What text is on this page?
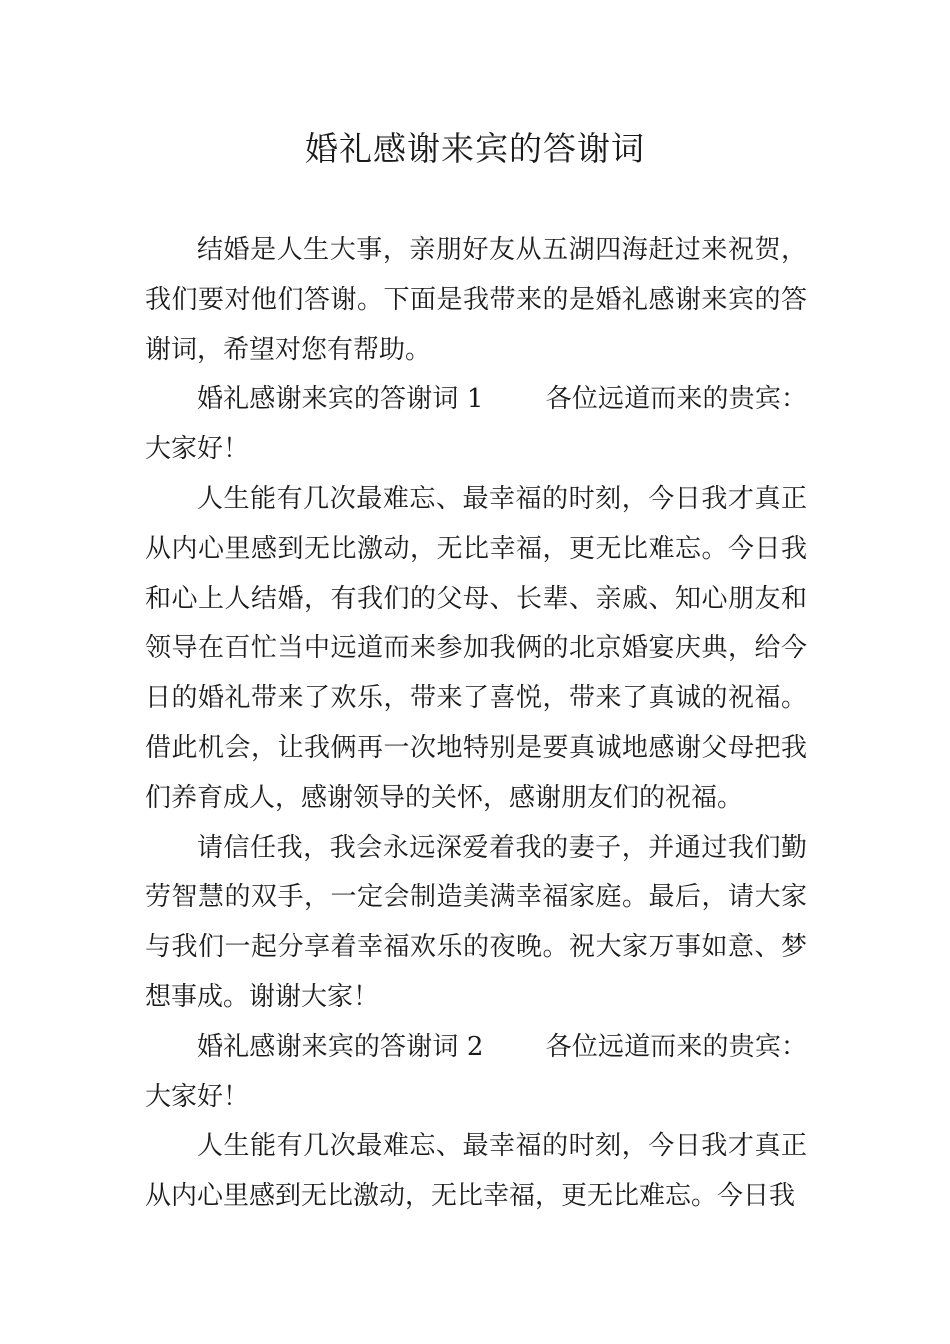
婚礼感谢来宾的答谢词

结婚是人生大事，亲朋好友从五湖四海赶过来祝贺，我们要对他们答谢。下面是我带来的是婚礼感谢来宾的答谢词，希望对您有帮助。

婚礼感谢来宾的答谢词 1 各位远道而来的贵宾：大家好！

人生能有几次最难忘、最幸福的时刻，今日我才真正从内心里感到无比激动，无比幸福，更无比难忘。今日我和心上人结婚，有我们的父母、长辈、亲戚、知心朋友和领导在百忙当中远道而来参加我俩的北京婚宴庆典，给今日的婚礼带来了欢乐，带来了喜悦，带来了真诚的祝福。借此机会，让我俩再一次地特别是要真诚地感谢父母把我们养育成人，感谢领导的关怀，感谢朋友们的祝福。

请信任我，我会永远深爱着我的妻子，并通过我们勤劳智慧的双手，一定会制造美满幸福家庭。最后，请大家与我们一起分享着幸福欢乐的夜晚。祝大家万事如意、梦想事成。谢谢大家！

婚礼感谢来宾的答谢词 2 各位远道而来的贵宾：大家好！

人生能有几次最难忘、最幸福的时刻，今日我才真正从内心里感到无比激动，无比幸福，更无比难忘。今日我
